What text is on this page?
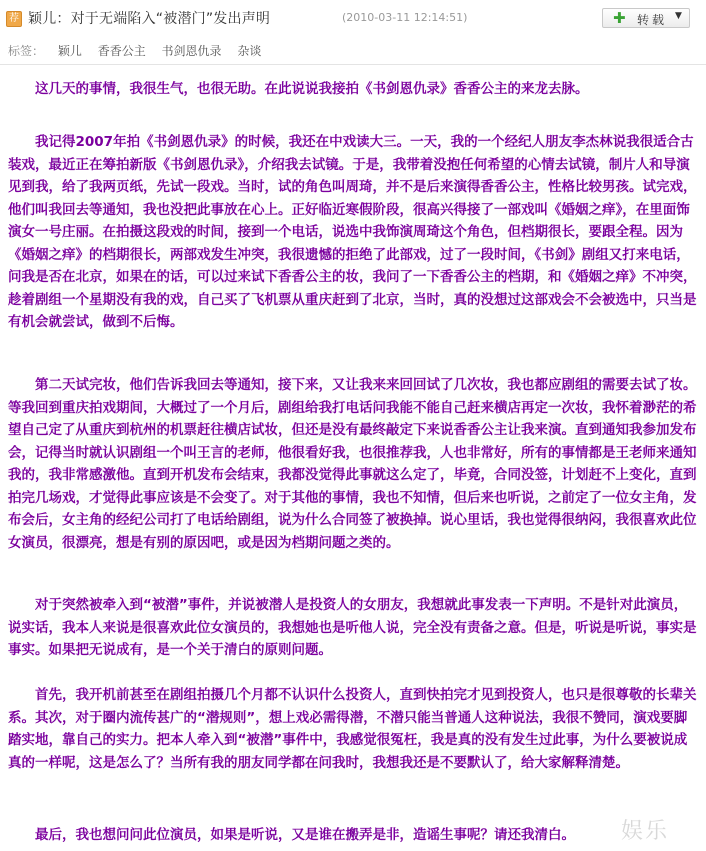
荐 颖儿：对于无端陷入“被潜门”发出声明	(2010-03-11 12:14:51)	✚ 转载 ▼
标签： 颖儿 香香公主 书剑恩仇录 杂谈

这几天的事情，我很生气，也很无助。在此说说我接拍《书剑恩仇录》香香公主的来龙去脉。

我记得2007年拍《书剑恩仇录》的时候，我还在中戏读大三。一天，我的一个经纪人朋友李杰林说我很适合古装戏，最近正在筹拍新版《书剑恩仇录》，介绍我去试镜。于是，我带着没抱任何希望的心情去试镜，制片人和导演见到我，给了我两页纸，先试一段戏。当时，试的角色叫周琦，并不是后来演得香香公主，性格比较男孩。试完戏，他们叫我回去等通知，我也没把此事放在心上。正好临近寒假阶段，很高兴得接了一部戏叫《婚姻之痒》，在里面饰演女一号庄丽。在拍摄这段戏的时间，接到一个电话，说选中我饰演周琦这个角色，但档期很长，要跟全程。因为《婚姻之痒》的档期很长，两部戏发生冲突，我很遗憾的拒绝了此部戏，过了一段时间，《书剑》剧组又打来电话，问我是否在北京，如果在的话，可以过来试下香香公主的妆，我问了一下香香公主的档期，和《婚姻之痒》不冲突，趁着剧组一个星期没有我的戏，自己买了飞机票从重庆赶到了北京，当时，真的没想过这部戏会不会被选中，只当是有机会就尝试，做到不后悔。

第二天试完妆，他们告诉我回去等通知，接下来，又让我来来回回试了几次妆，我也都应剧组的需要去试了妆。等我回到重庆拍戏期间，大概过了一个月后，剧组给我打电话问我能不能自己赶来横店再定一次妆，我怀着渺茫的希望自己定了从重庆到杭州的机票赶往横店试妆，但还是没有最终敲定下来说香香公主让我来演。直到通知我参加发布会，记得当时就认识剧组一个叫王言的老师，他很看好我，也很推荐我，人也非常好，所有的事情都是王老师来通知我的，我非常感激他。直到开机发布会结束，我都没觉得此事就这么定了，毕竟，合同没签，计划赶不上变化，直到拍完几场戏，才觉得此事应该是不会变了。对于其他的事情，我也不知情，但后来也听说，之前定了一位女主角，发布会后，女主角的经纪公司打了电话给剧组，说为什么合同签了被换掉。说心里话，我也觉得很纳闷，我很喜欢此位女演员，很漂亮，想是有别的原因吧，或是因为档期问题之类的。

对于突然被牵入到“被潜”事件，并说被潜人是投资人的女朋友，我想就此事发表一下声明。不是针对此演员，说实话，我本人来说是很喜欢此位女演员的，我想她也是听他人说，完全没有责备之意。但是，听说是听说，事实是事实。如果把无说成有，是一个关于清白的原则问题。

首先，我开机前甚至在剧组拍摄几个月都不认识什么投资人，直到快拍完才见到投资人，也只是很尊敬的长辈关系。其次，对于圈内流传甚广的“潜规则”，想上戏必需得潜，不潜只能当普通人这种说法，我很不赞同，演戏要脚踏实地，靠自己的实力。把本人牵入到“被潜”事件中，我感觉很冤枉，我是真的没有发生过此事，为什么要被说成真的一样呢，这是怎么了？当所有我的朋友同学都在问我时，我想我还是不要默认了，给大家解释清楚。

最后，我也想问问此位演员，如果是听说，又是谁在搬弄是非，造谣生事呢？请还我清白。	娱乐
